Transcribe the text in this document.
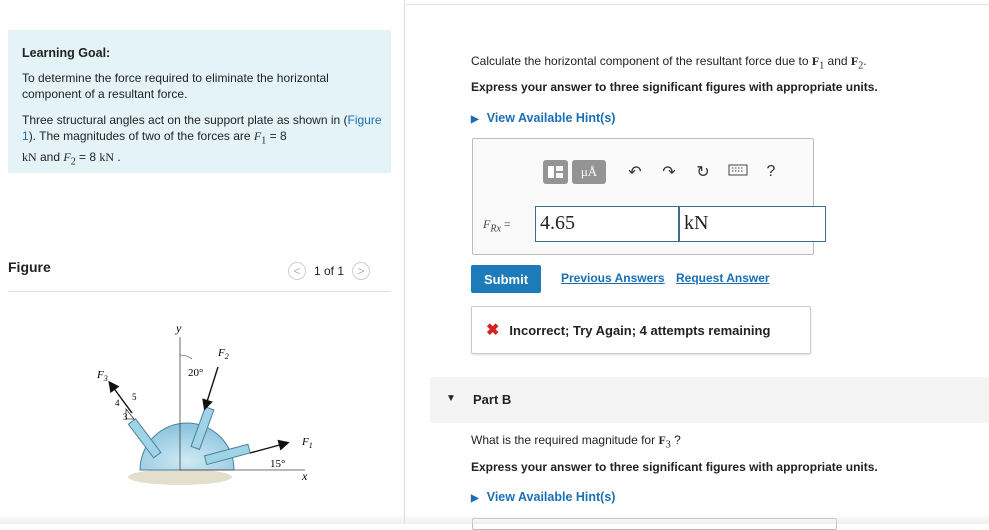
Learning Goal:
To determine the force required to eliminate the horizontal component of a resultant force.
Three structural angles act on the support plate as shown in (Figure 1). The magnitudes of two of the forces are $F_1 = 8$
kN and $F_2 = 8$ kN .
Figure	<	1 of 1	>
y
x
20°
15°
$F_2$
$F_3$
$F_1$
4
5
3
Calculate the horizontal component of the resultant force due to $F_1$ and $F_2$.
Express your answer to three significant figures with appropriate units.
▶ View Available Hint(s)
μÅ	↶ ↷ ↻	?
$F_{Rx} = 4.65$	kN
Submit	Previous Answers Request Answer
✖ Incorrect; Try Again; 4 attempts remaining
▼ Part B
What is the required magnitude for $F_3$ ?
Express your answer to three significant figures with appropriate units.
▶ View Available Hint(s)
